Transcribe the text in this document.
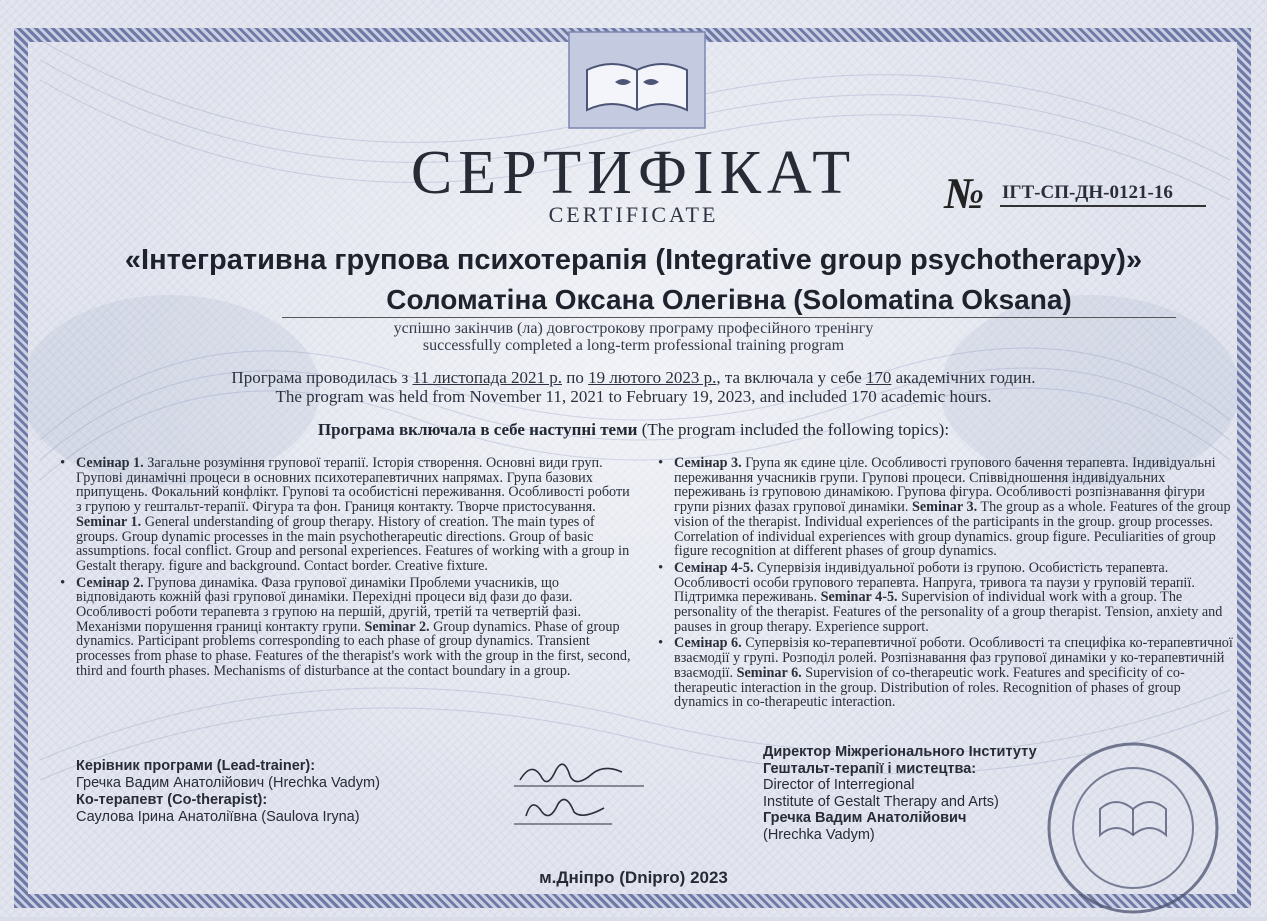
СЕРТИФІКАТ
CERTIFICATE	№ ІГТ-СП-ДН-0121-16
«Інтегративна групова психотерапія (Integrative group psychotherapy)»
Соломатіна Оксана Олегівна (Solomatina Oksana)
успішно закінчив (ла) довгострокову програму професійного тренінгу
successfully completed a long-term professional training program
Програма проводилась з 11 листопада 2021 р. по 19 лютого 2023 р., та включала у себе 170 академічних годин.
The program was held from November 11, 2021 to February 19, 2023, and included 170 academic hours.
Програма включала в себе наступні теми (The program included the following topics):
• Семінар 1. Загальне розуміння групової терапії. Історія створення. Основні види груп. Групові динамічні процеси в основних психотерапевтичних напрямах. Група базових припущень. Фокальний конфлікт. Групові та особистісні переживання. Особливості роботи з групою у гештальт-терапії. Фігура та фон. Границя контакту. Творче пристосування. Seminar 1. General understanding of group therapy. History of creation. The main types of groups. Group dynamic processes in the main psychotherapeutic directions. Group of basic assumptions. focal conflict. Group and personal experiences. Features of working with a group in Gestalt therapy. figure and background. Contact border. Creative fixture.
• Семінар 2. Групова динаміка. Фаза групової динаміки Проблеми учасників, що відповідають кожній фазі групової динаміки. Перехідні процеси від фази до фази. Особливості роботи терапевта з групою на першій, другій, третій та четвертій фазі. Механізми порушення границі контакту групи. Seminar 2. Group dynamics. Phase of group dynamics. Participant problems corresponding to each phase of group dynamics. Transient processes from phase to phase. Features of the therapist's work with the group in the first, second, third and fourth phases. Mechanisms of disturbance at the contact boundary in a group.
• Семінар 3. Група як єдине ціле. Особливості групового бачення терапевта. Індивідуальні переживання учасників групи. Групові процеси. Співвідношення індивідуальних переживань із груповою динамікою. Групова фігура. Особливості розпізнавання фігури групи різних фазах групової динаміки. Seminar 3. The group as a whole. Features of the group vision of the therapist. Individual experiences of the participants in the group. group processes. Correlation of individual experiences with group dynamics. group figure. Peculiarities of group figure recognition at different phases of group dynamics.
• Семінар 4-5. Супервізія індивідуальної роботи із групою. Особистість терапевта. Особливості особи групового терапевта. Напруга, тривога та паузи у груповій терапії. Підтримка переживань. Seminar 4-5. Supervision of individual work with a group. The personality of the therapist. Features of the personality of a group therapist. Tension, anxiety and pauses in group therapy. Experience support.
• Семінар 6. Супервізія ко-терапевтичної роботи. Особливості та специфіка ко-терапевтичної взаємодії у групі. Розподіл ролей. Розпізнавання фаз групової динаміки у ко-терапевтичній взаємодії. Seminar 6. Supervision of co-therapeutic work. Features and specificity of co-therapeutic interaction in the group. Distribution of roles. Recognition of phases of group dynamics in co-therapeutic interaction.
Керівник програми (Lead-trainer):
Гречка Вадим Анатолійович (Hrechka Vadym)
Ко-терапевт (Co-therapist):
Саулова Ірина Анатоліївна (Saulova Iryna)
Директор Міжрегіонального Інституту
Гештальт-терапії і мистецтва:
Director of Interregional
Institute of Gestalt Therapy and Arts)
Гречка Вадим Анатолійович
(Hrechka Vadym)
м.Дніпро (Dnipro) 2023
